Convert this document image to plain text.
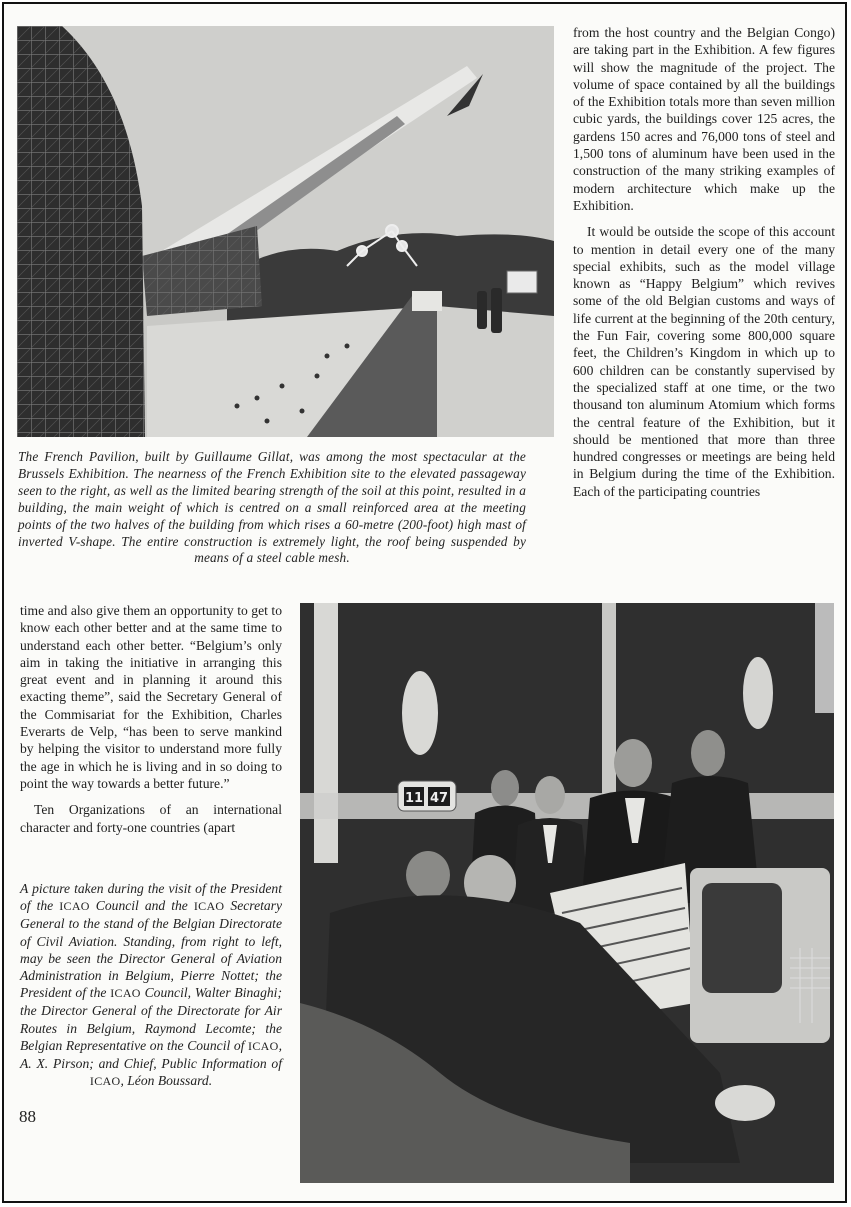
The French Pavilion, built by Guillaume Gillat, was among the most spectacular at the Brussels Exhibition. The nearness of the French Exhibition site to the elevated passageway seen to the right, as well as the limited bearing strength of the soil at this point, resulted in a building, the main weight of which is centred on a small reinforced area at the meeting points of the two halves of the building from which rises a 60-metre (200-foot) high mast of inverted V-shape. The entire construction is extremely light, the roof being suspended by means of a steel cable mesh.

from the host country and the Belgian Congo) are taking part in the Exhibition. A few figures will show the magnitude of the project. The volume of space contained by all the buildings of the Exhibition totals more than seven million cubic yards, the buildings cover 125 acres, the gardens 150 acres and 76,000 tons of steel and 1,500 tons of aluminum have been used in the construction of the many striking examples of modern architecture which make up the Exhibition.

It would be outside the scope of this account to mention in detail every one of the many special exhibits, such as the model village known as “Happy Belgium” which revives some of the old Belgian customs and ways of life current at the beginning of the 20th century, the Fun Fair, covering some 800,000 square feet, the Children’s Kingdom in which up to 600 children can be constantly supervised by the specialized staff at one time, or the two thousand ton aluminum Atomium which forms the central feature of the Exhibition, but it should be mentioned that more than three hundred congresses or meetings are being held in Belgium during the time of the Exhibition. Each of the participating countries

time and also give them an opportunity to get to know each other better and at the same time to understand each other better. “Belgium’s only aim in taking the initiative in arranging this great event and in planning it around this exacting theme”, said the Secretary General of the Commisariat for the Exhibition, Charles Everarts de Velp, “has been to serve mankind by helping the visitor to understand more fully the age in which he is living and in so doing to point the way towards a better future.”

Ten Organizations of an international character and forty-one countries (apart

A picture taken during the visit of the President of the ICAO Council and the ICAO Secretary General to the stand of the Belgian Directorate of Civil Aviation. Standing, from right to left, may be seen the Director General of Aviation Administration in Belgium, Pierre Nottet; the President of the ICAO Council, Walter Binaghi; the Director General of the Directorate for Air Routes in Belgium, Raymond Lecomte; the Belgian Representative on the Council of ICAO, A. X. Pirson; and Chief, Public Information of ICAO, Léon Boussard.
11 47
88
